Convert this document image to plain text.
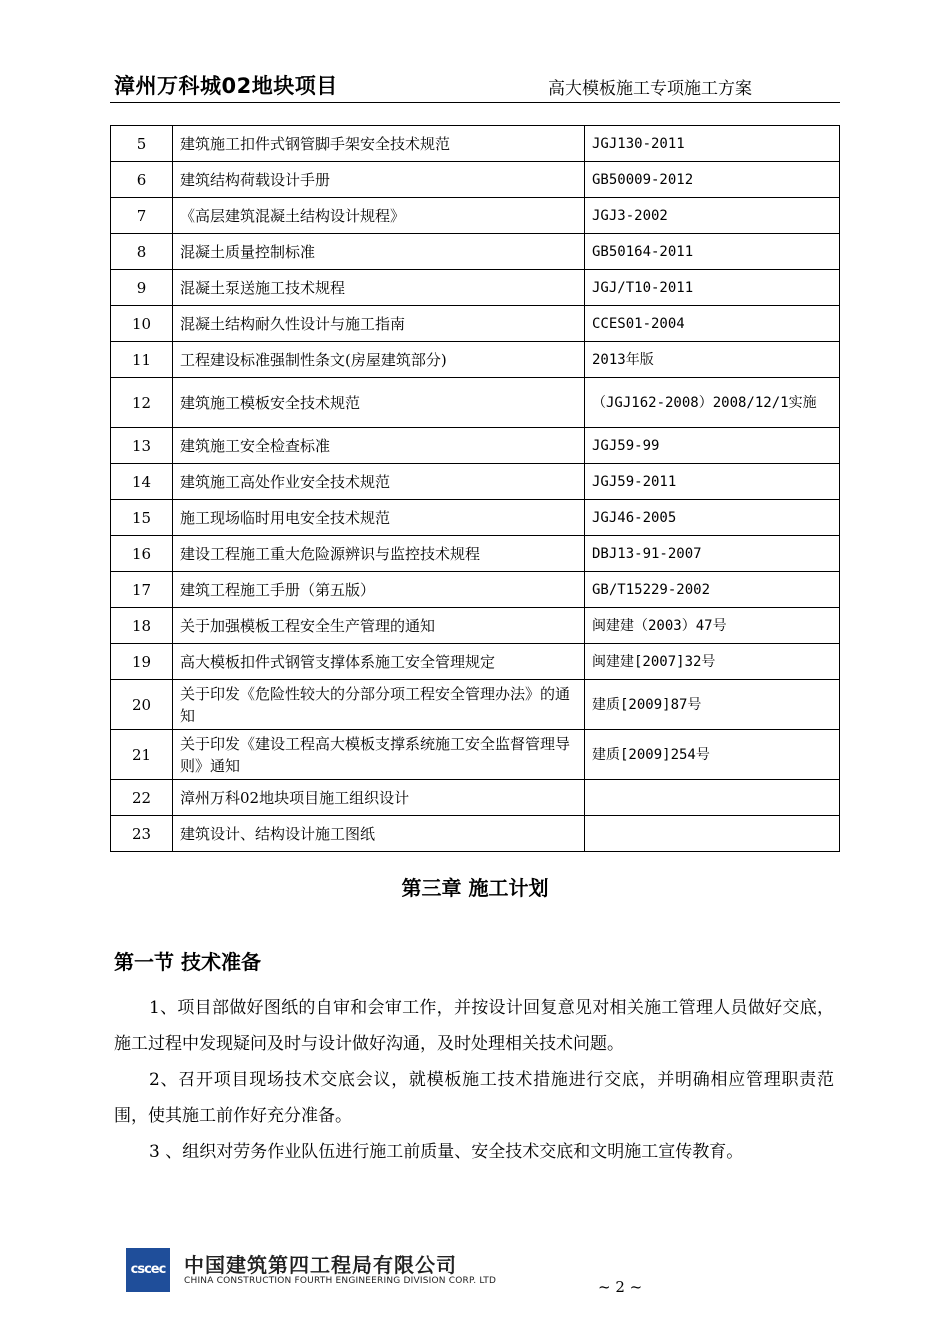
漳州万科城02地块项目	高大模板施工专项施工方案
5	建筑施工扣件式钢管脚手架安全技术规范	JGJ130-2011
6	建筑结构荷载设计手册	GB50009-2012
7	《高层建筑混凝土结构设计规程》	JGJ3-2002
8	混凝土质量控制标准	GB50164-2011
9	混凝土泵送施工技术规程	JGJ/T10-2011
10	混凝土结构耐久性设计与施工指南	CCES01-2004
11	工程建设标准强制性条文(房屋建筑部分)	2013年版
12	建筑施工模板安全技术规范	（JGJ162-2008）2008/12/1实施
13	建筑施工安全检查标准	JGJ59-99
14	建筑施工高处作业安全技术规范	JGJ59-2011
15	施工现场临时用电安全技术规范	JGJ46-2005
16	建设工程施工重大危险源辨识与监控技术规程	DBJ13-91-2007
17	建筑工程施工手册（第五版）	GB/T15229-2002
18	关于加强模板工程安全生产管理的通知	闽建建（2003）47号
19	高大模板扣件式钢管支撑体系施工安全管理规定	闽建建[2007]32号
20	关于印发《危险性较大的分部分项工程安全管理办法》的通知	建质[2009]87号
21	关于印发《建设工程高大模板支撑系统施工安全监督管理导则》通知	建质[2009]254号
22	漳州万科02地块项目施工组织设计	
23	建筑设计、结构设计施工图纸	
第三章 施工计划
第一节 技术准备

1、项目部做好图纸的自审和会审工作，并按设计回复意见对相关施工管理人员做好交底，施工过程中发现疑问及时与设计做好沟通，及时处理相关技术问题。

2、召开项目现场技术交底会议，就模板施工技术措施进行交底，并明确相应管理职责范围，使其施工前作好充分准备。

3 、组织对劳务作业队伍进行施工前质量、安全技术交底和文明施工宣传教育。

cscec 中国建筑第四工程局有限公司
CHINA CONSTRUCTION FOURTH ENGINEERING DIVISION CORP. LTD	~ 2 ~
